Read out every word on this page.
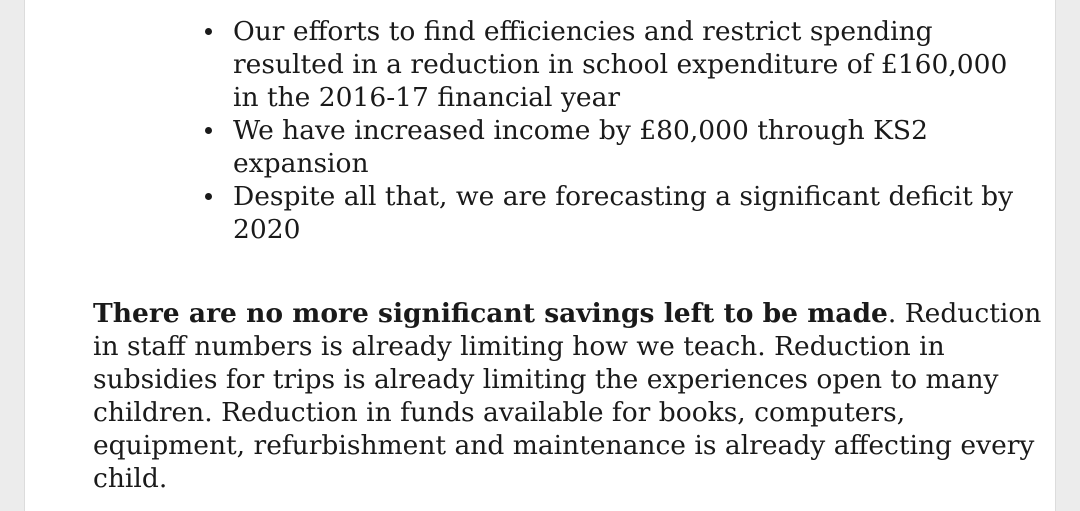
Our efforts to find efficiencies and restrict spending resulted in a reduction in school expenditure of £160,000 in the 2016-17 financial year
We have increased income by £80,000 through KS2 expansion
Despite all that, we are forecasting a significant deficit by 2020

There are no more significant savings left to be made. Reduction in staff numbers is already limiting how we teach. Reduction in subsidies for trips is already limiting the experiences open to many children. Reduction in funds available for books, computers, equipment, refurbishment and maintenance is already affecting every child.
